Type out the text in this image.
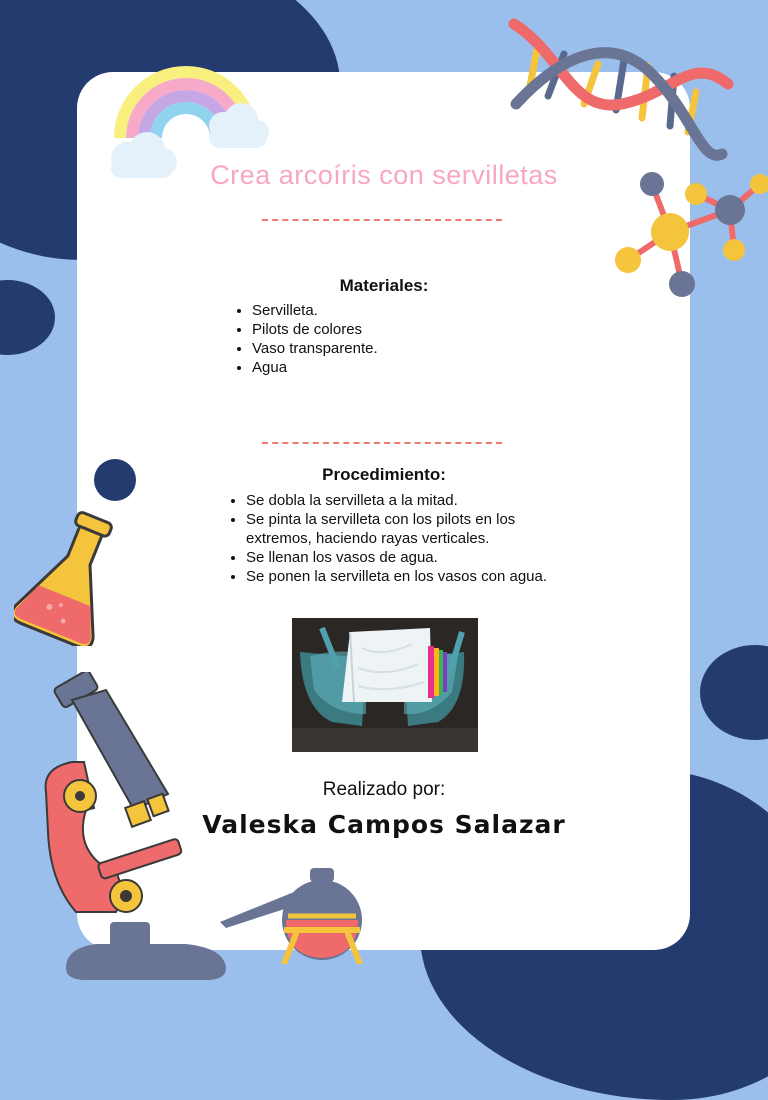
Crea arcoíris con servilletas
Materiales:
• Servilleta.
• Pilots de colores
• Vaso transparente.
• Agua
Procedimiento:
• Se dobla la servilleta a la mitad.
• Se pinta la servilleta con los pilots en los extremos, haciendo rayas verticales.
• Se llenan los vasos de agua.
• Se ponen la servilleta en los vasos con agua.
Realizado por:
Valeska Campos Salazar
